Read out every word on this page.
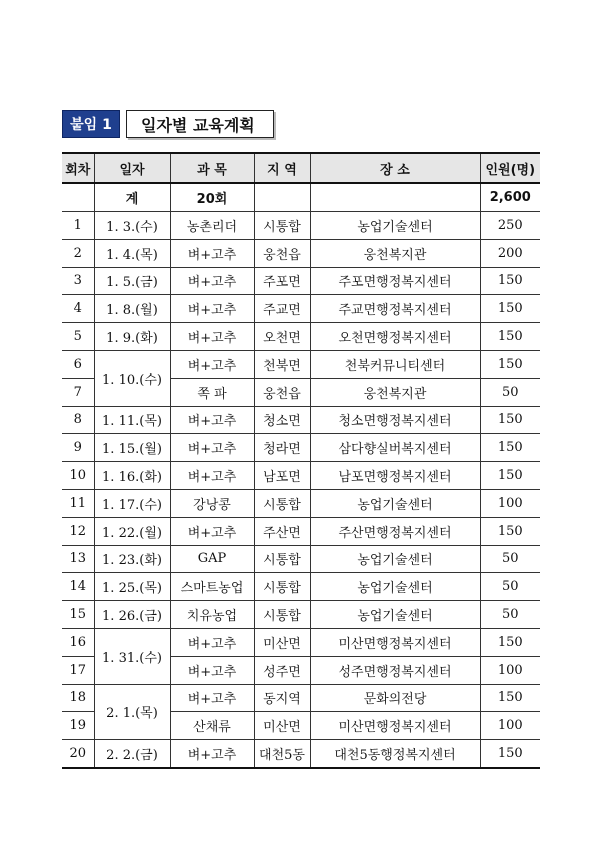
붙임 1	일자별 교육계획
회차	일자	과 목	지 역	장 소	인원(명)
	계	20회			2,600
1	1. 3.(수)	농촌리더	시통합	농업기술센터	250
2	1. 4.(목)	벼+고추	웅천읍	웅천복지관	200
3	1. 5.(금)	벼+고추	주포면	주포면행정복지센터	150
4	1. 8.(월)	벼+고추	주교면	주교면행정복지센터	150
5	1. 9.(화)	벼+고추	오천면	오천면행정복지센터	150
6	1. 10.(수)	벼+고추	천북면	천북커뮤니티센터	150
7		쪽 파	웅천읍	웅천복지관	50
8	1. 11.(목)	벼+고추	청소면	청소면행정복지센터	150
9	1. 15.(월)	벼+고추	청라면	삼다향실버복지센터	150
10	1. 16.(화)	벼+고추	남포면	남포면행정복지센터	150
11	1. 17.(수)	강낭콩	시통합	농업기술센터	100
12	1. 22.(월)	벼+고추	주산면	주산면행정복지센터	150
13	1. 23.(화)	GAP	시통합	농업기술센터	50
14	1. 25.(목)	스마트농업	시통합	농업기술센터	50
15	1. 26.(금)	치유농업	시통합	농업기술센터	50
16	1. 31.(수)	벼+고추	미산면	미산면행정복지센터	150
17		벼+고추	성주면	성주면행정복지센터	100
18	2. 1.(목)	벼+고추	동지역	문화의전당	150
19		산채류	미산면	미산면행정복지센터	100
20	2. 2.(금)	벼+고추	대천5동	대천5동행정복지센터	150
